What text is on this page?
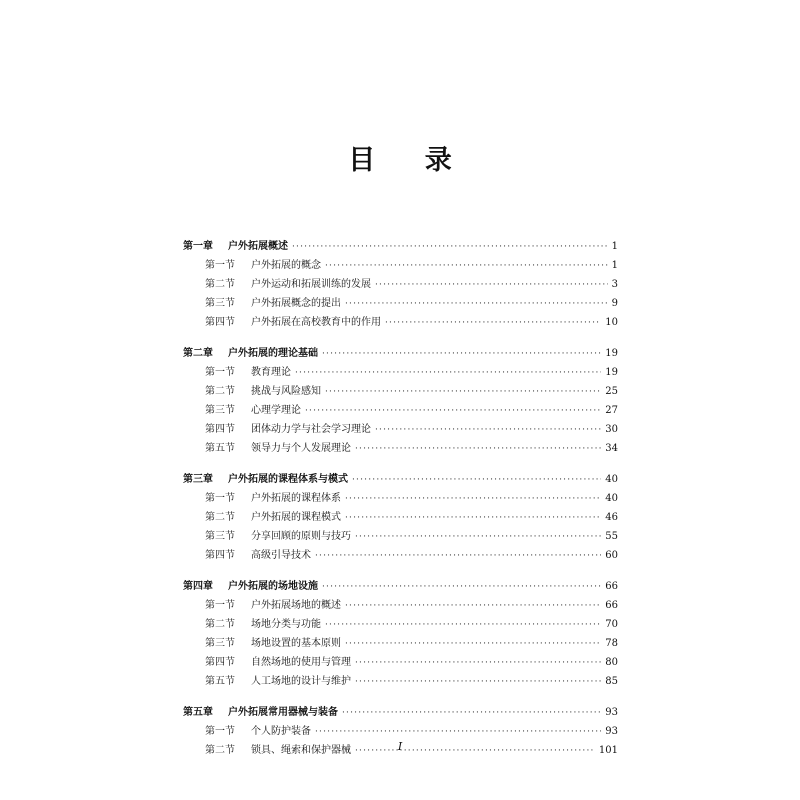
目 录
第一章	户外拓展概述 ·····	1
第一节	户外拓展的概念 ·····	1
第二节	户外运动和拓展训练的发展 ·····	3
第三节	户外拓展概念的提出 ·····	9
第四节	户外拓展在高校教育中的作用 ·····	10
第二章	户外拓展的理论基础 ·····	19
第一节	教育理论 ·····	19
第二节	挑战与风险感知 ·····	25
第三节	心理学理论 ·····	27
第四节	团体动力学与社会学习理论 ·····	30
第五节	领导力与个人发展理论 ·····	34
第三章	户外拓展的课程体系与模式 ·····	40
第一节	户外拓展的课程体系 ·····	40
第二节	户外拓展的课程模式 ·····	46
第三节	分享回顾的原则与技巧 ·····	55
第四节	高级引导技术 ·····	60
第四章	户外拓展的场地设施 ·····	66
第一节	户外拓展场地的概述 ·····	66
第二节	场地分类与功能 ·····	70
第三节	场地设置的基本原则 ·····	78
第四节	自然场地的使用与管理 ·····	80
第五节	人工场地的设计与维护 ·····	85
第五章	户外拓展常用器械与装备 ·····	93
第一节	个人防护装备 ·····	93
第二节	锁具、绳索和保护器械 ·····	101
I
